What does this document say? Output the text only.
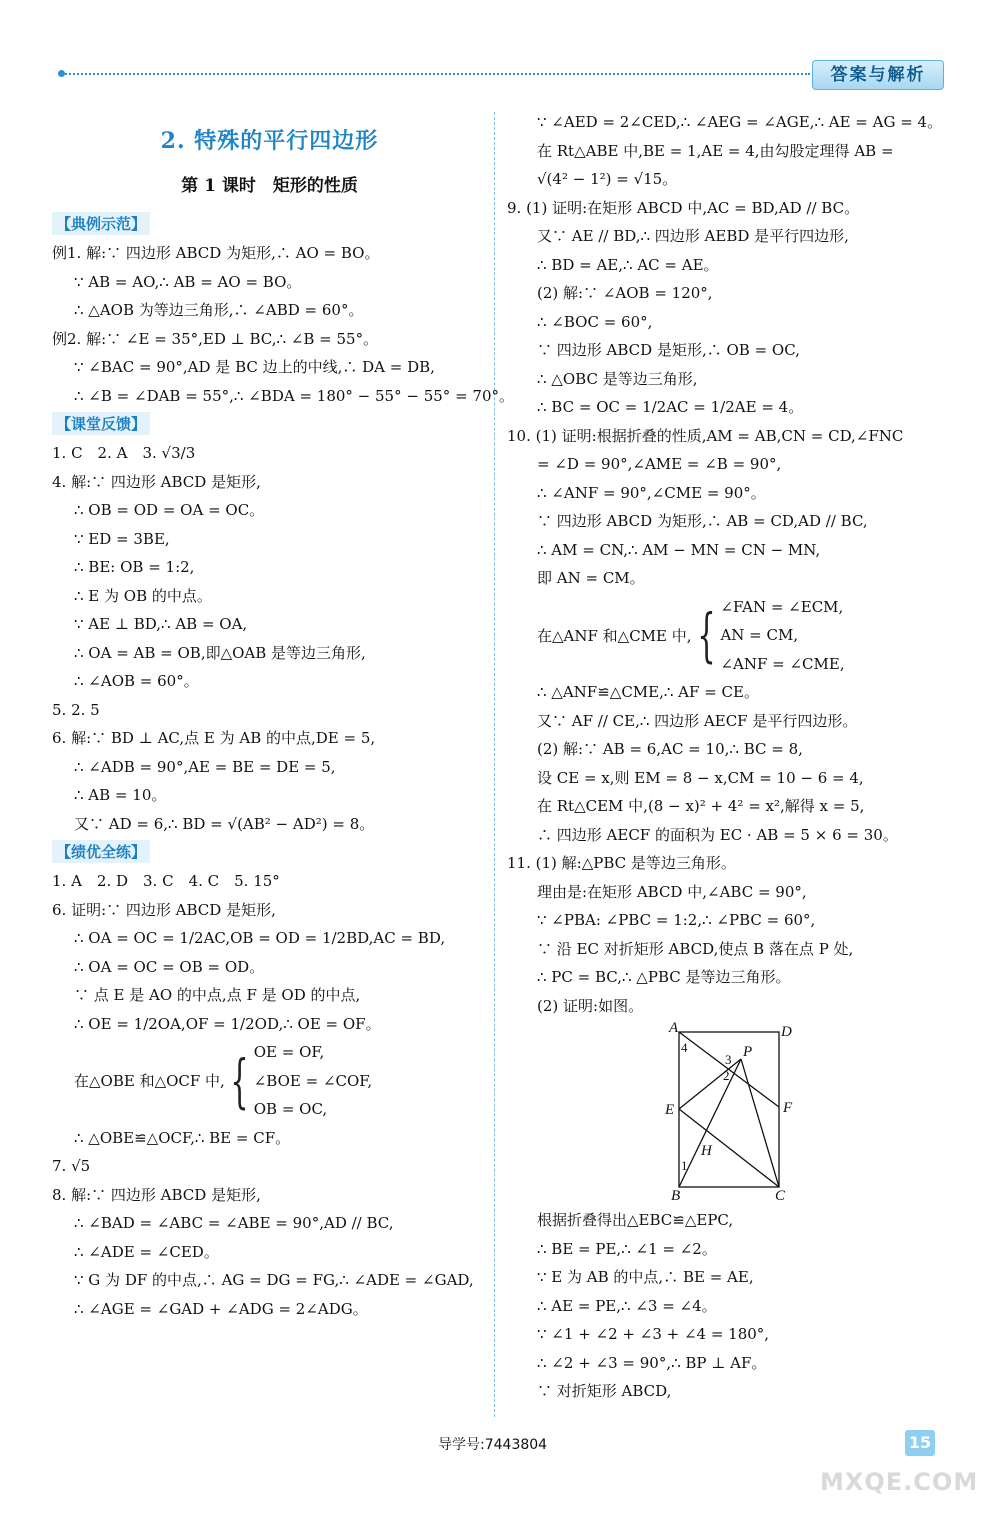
答案与解析
2. 特殊的平行四边形
第 1 课时　矩形的性质
【典例示范】
例1. 解:∵ 四边形 ABCD 为矩形,∴ AO = BO。
∵ AB = AO,∴ AB = AO = BO。
∴ △AOB 为等边三角形,∴ ∠ABD = 60°。
例2. 解:∵ ∠E = 35°,ED ⊥ BC,∴ ∠B = 55°。
∵ ∠BAC = 90°,AD 是 BC 边上的中线,∴ DA = DB,
∴ ∠B = ∠DAB = 55°,∴ ∠BDA = 180° − 55° − 55° = 70°。
【课堂反馈】
1. C　2. A　3. √3/3
4. 解:∵ 四边形 ABCD 是矩形,
∴ OB = OD = OA = OC。
∵ ED = 3BE,
∴ BE: OB = 1:2,
∴ E 为 OB 的中点。
∵ AE ⊥ BD,∴ AB = OA,
∴ OA = AB = OB,即△OAB 是等边三角形,
∴ ∠AOB = 60°。
5. 2. 5
6. 解:∵ BD ⊥ AC,点 E 为 AB 的中点,DE = 5,
∴ ∠ADB = 90°,AE = BE = DE = 5,
∴ AB = 10。
又∵ AD = 6,∴ BD = √(AB² − AD²) = 8。
【绩优全练】
1. A　2. D　3. C　4. C　5. 15°
6. 证明:∵ 四边形 ABCD 是矩形,
∴ OA = OC = 1/2AC,OB = OD = 1/2BD,AC = BD,
∴ OA = OC = OB = OD。
∵ 点 E 是 AO 的中点,点 F 是 OD 的中点,
∴ OE = 1/2OA,OF = 1/2OD,∴ OE = OF。
在△OBE 和△OCF 中, { OE = OF,
∠BOE = ∠COF,
OB = OC,
∴ △OBE≌△OCF,∴ BE = CF。
7. √5
8. 解:∵ 四边形 ABCD 是矩形,
∴ ∠BAD = ∠ABC = ∠ABE = 90°,AD // BC,
∴ ∠ADE = ∠CED。
∵ G 为 DF 的中点,∴ AG = DG = FG,∴ ∠ADE = ∠GAD,
∴ ∠AGE = ∠GAD + ∠ADG = 2∠ADG。
∵ ∠AED = 2∠CED,∴ ∠AEG = ∠AGE,∴ AE = AG = 4。
在 Rt△ABE 中,BE = 1,AE = 4,由勾股定理得 AB =
√(4² − 1²) = √15。
9. (1) 证明:在矩形 ABCD 中,AC = BD,AD // BC。
又∵ AE // BD,∴ 四边形 AEBD 是平行四边形,
∴ BD = AE,∴ AC = AE。
(2) 解:∵ ∠AOB = 120°,
∴ ∠BOC = 60°,
∵ 四边形 ABCD 是矩形,∴ OB = OC,
∴ △OBC 是等边三角形,
∴ BC = OC = 1/2AC = 1/2AE = 4。
10. (1) 证明:根据折叠的性质,AM = AB,CN = CD,∠FNC
= ∠D = 90°,∠AME = ∠B = 90°,
∴ ∠ANF = 90°,∠CME = 90°。
∵ 四边形 ABCD 为矩形,∴ AB = CD,AD // BC,
∴ AM = CN,∴ AM − MN = CN − MN,
即 AN = CM。
在△ANF 和△CME 中, { ∠FAN = ∠ECM,
AN = CM,
∠ANF = ∠CME,
∴ △ANF≌△CME,∴ AF = CE。
又∵ AF // CE,∴ 四边形 AECF 是平行四边形。
(2) 解:∵ AB = 6,AC = 10,∴ BC = 8,
设 CE = x,则 EM = 8 − x,CM = 10 − 6 = 4,
在 Rt△CEM 中,(8 − x)² + 4² = x²,解得 x = 5,
∴ 四边形 AECF 的面积为 EC · AB = 5 × 6 = 30。
11. (1) 解:△PBC 是等边三角形。
理由是:在矩形 ABCD 中,∠ABC = 90°,
∵ ∠PBA: ∠PBC = 1:2,∴ ∠PBC = 60°,
∵ 沿 EC 对折矩形 ABCD,使点 B 落在点 P 处,
∴ PC = BC,∴ △PBC 是等边三角形。
(2) 证明:如图。
A	D
P
E	F
H
B	C
4
3
2
1
根据折叠得出△EBC≌△EPC,
∴ BE = PE,∴ ∠1 = ∠2。
∵ E 为 AB 的中点,∴ BE = AE,
∴ AE = PE,∴ ∠3 = ∠4。
∵ ∠1 + ∠2 + ∠3 + ∠4 = 180°,
∴ ∠2 + ∠3 = 90°,∴ BP ⊥ AF。
∵ 对折矩形 ABCD,
导学号:7443804	15
MXQE.COM
